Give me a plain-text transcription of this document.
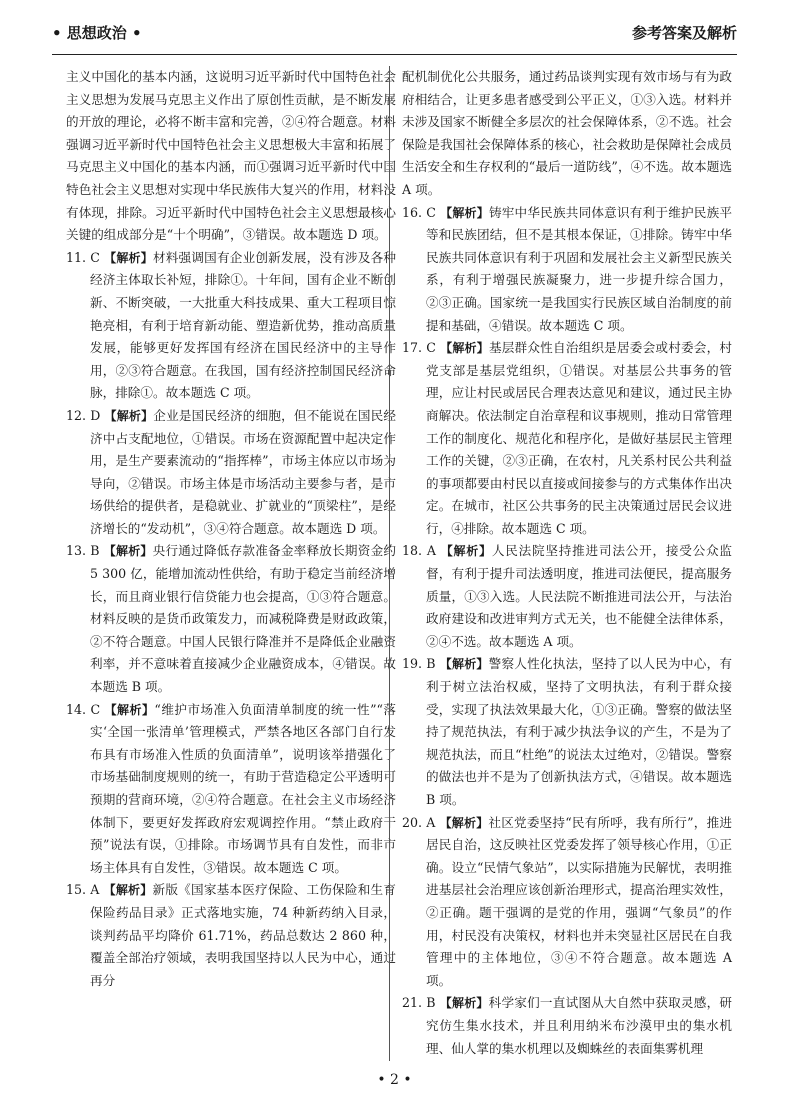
• 思想政治 •	参考答案及解析

主义中国化的基本内涵，这说明习近平新时代中国特色社会主义思想为发展马克思主义作出了原创性贡献，是不断发展的开放的理论，必将不断丰富和完善，②④符合题意。材料强调习近平新时代中国特色社会主义思想极大丰富和拓展了马克思主义中国化的基本内涵，而①强调习近平新时代中国特色社会主义思想对实现中华民族伟大复兴的作用，材料没有体现，排除。习近平新时代中国特色社会主义思想最核心关键的组成部分是“十个明确”，③错误。故本题选 D 项。

11. C 【解析】材料强调国有企业创新发展，没有涉及各种经济主体取长补短，排除①。十年间，国有企业不断创新、不断突破，一大批重大科技成果、重大工程项目惊艳亮相，有利于培育新动能、塑造新优势，推动高质量发展，能够更好发挥国有经济在国民经济中的主导作用，②③符合题意。在我国，国有经济控制国民经济命脉，排除①。故本题选 C 项。

12. D 【解析】企业是国民经济的细胞，但不能说在国民经济中占支配地位，①错误。市场在资源配置中起决定作用，是生产要素流动的“指挥棒”，市场主体应以市场为导向，②错误。市场主体是市场活动主要参与者，是市场供给的提供者，是稳就业、扩就业的“顶梁柱”，是经济增长的“发动机”，③④符合题意。故本题选 D 项。

13. B 【解析】央行通过降低存款准备金率释放长期资金约 5 300 亿，能增加流动性供给，有助于稳定当前经济增长，而且商业银行信贷能力也会提高，①③符合题意。材料反映的是货币政策发力，而减税降费是财政政策，②不符合题意。中国人民银行降准并不是降低企业融资利率，并不意味着直接减少企业融资成本，④错误。故本题选 B 项。

14. C 【解析】“维护市场准入负面清单制度的统一性”“落实‘全国一张清单’管理模式，严禁各地区各部门自行发布具有市场准入性质的负面清单”，说明该举措强化了市场基础制度规则的统一，有助于营造稳定公平透明可预期的营商环境，②④符合题意。在社会主义市场经济体制下，要更好发挥政府宏观调控作用。“禁止政府干预”说法有误，①排除。市场调节具有自发性，而非市场主体具有自发性，③错误。故本题选 C 项。

15. A 【解析】新版《国家基本医疗保险、工伤保险和生育保险药品目录》正式落地实施，74 种新药纳入目录，谈判药品平均降价 61.71%，药品总数达 2 860 种，覆盖全部治疗领域，表明我国坚持以人民为中心，通过再分

配机制优化公共服务，通过药品谈判实现有效市场与有为政府相结合，让更多患者感受到公平正义，①③入选。材料并未涉及国家不断健全多层次的社会保障体系，②不选。社会保险是我国社会保障体系的核心，社会救助是保障社会成员生活安全和生存权利的“最后一道防线”，④不选。故本题选 A 项。

16. C 【解析】铸牢中华民族共同体意识有利于维护民族平等和民族团结，但不是其根本保证，①排除。铸牢中华民族共同体意识有利于巩固和发展社会主义新型民族关系，有利于增强民族凝聚力，进一步提升综合国力，②③正确。国家统一是我国实行民族区域自治制度的前提和基础，④错误。故本题选 C 项。

17. C 【解析】基层群众性自治组织是居委会或村委会，村党支部是基层党组织，①错误。对基层公共事务的管理，应让村民或居民合理表达意见和建议，通过民主协商解决。依法制定自治章程和议事规则，推动日常管理工作的制度化、规范化和程序化，是做好基层民主管理工作的关键，②③正确，在农村，凡关系村民公共利益的事项都要由村民以直接或间接参与的方式集体作出决定。在城市，社区公共事务的民主决策通过居民会议进行，④排除。故本题选 C 项。

18. A 【解析】人民法院坚持推进司法公开，接受公众监督，有利于提升司法透明度，推进司法便民，提高服务质量，①③入选。人民法院不断推进司法公开，与法治政府建设和改进审判方式无关，也不能健全法律体系，②④不选。故本题选 A 项。

19. B 【解析】警察人性化执法，坚持了以人民为中心，有利于树立法治权威，坚持了文明执法，有利于群众接受，实现了执法效果最大化，①③正确。警察的做法坚持了规范执法，有利于减少执法争议的产生，不是为了规范执法，而且“杜绝”的说法太过绝对，②错误。警察的做法也并不是为了创新执法方式，④错误。故本题选 B 项。

20. A 【解析】社区党委坚持“民有所呼，我有所行”，推进居民自治，这反映社区党委发挥了领导核心作用，①正确。设立“民情气象站”，以实际措施为民解忧，表明推进基层社会治理应该创新治理形式，提高治理实效性，②正确。题干强调的是党的作用，强调“气象员”的作用，村民没有决策权，材料也并未突显社区居民在自我管理中的主体地位，③④不符合题意。故本题选 A 项。

21. B 【解析】科学家们一直试图从大自然中获取灵感，研究仿生集水技术，并且利用纳米布沙漠甲虫的集水机理、仙人掌的集水机理以及蜘蛛丝的表面集雾机理

• 2 •
